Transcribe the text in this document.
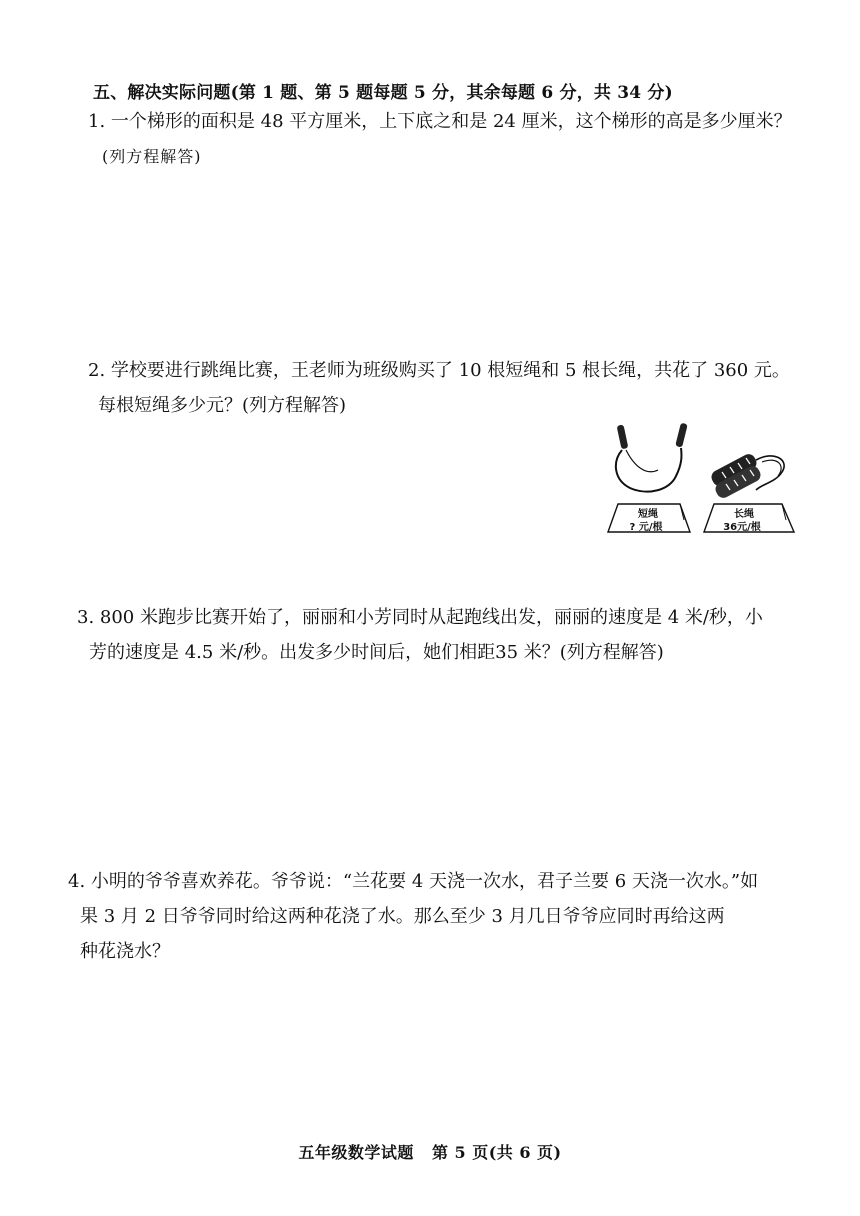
五、解决实际问题(第 1 题、第 5 题每题 5 分，其余每题 6 分，共 34 分)
1. 一个梯形的面积是 48 平方厘米，上下底之和是 24 厘米，这个梯形的高是多少厘米？
(列方程解答)
2. 学校要进行跳绳比赛，王老师为班级购买了 10 根短绳和 5 根长绳，共花了 360 元。
每根短绳多少元？(列方程解答)
短绳
? 元/根
长绳
36元/根
3. 800 米跑步比赛开始了，丽丽和小芳同时从起跑线出发，丽丽的速度是 4 米/秒，小
芳的速度是 4.5 米/秒。出发多少时间后，她们相距35 米？(列方程解答)
4. 小明的爷爷喜欢养花。爷爷说：“兰花要 4 天浇一次水，君子兰要 6 天浇一次水。”如
果 3 月 2 日爷爷同时给这两种花浇了水。那么至少 3 月几日爷爷应同时再给这两
种花浇水？
五年级数学试题 第 5 页(共 6 页)
